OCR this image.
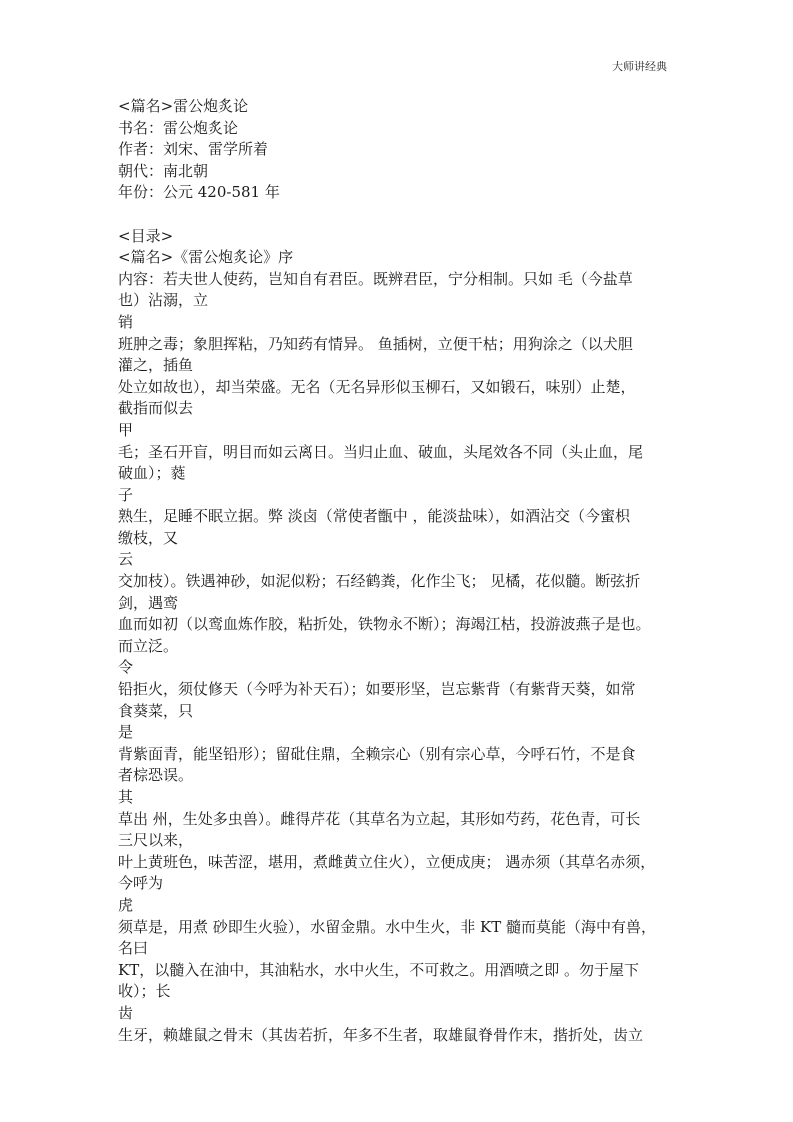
大师讲经典
<篇名>雷公炮炙论
书名：雷公炮炙论
作者：刘宋、雷学所着
朝代：南北朝
年份：公元 420-581 年
<目录>
<篇名>《雷公炮炙论》序
内容：若夫世人使药，岂知自有君臣。既辨君臣，宁分相制。只如 毛（今盐草
也）沾溺，立
销
班肿之毒；象胆挥粘，乃知药有情异。 鱼插树，立便干枯；用狗涂之（以犬胆
灌之，插鱼
处立如故也），却当荣盛。无名（无名异形似玉柳石，又如锻石，味别）止楚，
截指而似去
甲
毛；圣石开盲，明目而如云离日。当归止血、破血，头尾效各不同（头止血，尾
破血）；蕤
子
熟生，足睡不眠立据。弊 淡卤（常使者甑中 ，能淡盐味），如酒沾交（今蜜枳
缴枝，又
云
交加枝）。铁遇神砂，如泥似粉；石经鹤粪，化作尘飞； 见橘，花似髓。断弦折
剑，遇鸾
血而如初（以鸾血炼作胶，粘折处，铁物永不断）；海竭江枯，投游波燕子是也。
而立泛。
令
铅拒火，须仗修天（今呼为补天石）；如要形坚，岂忘紫背（有紫背天葵，如常
食葵菜，只
是
背紫面青，能坚铅形）；留砒住鼎，全赖宗心（别有宗心草，今呼石竹，不是食
者棕恐误。
其
草出 州，生处多虫兽）。雌得芹花（其草名为立起，其形如芍药，花色青，可长
三尺以来，
叶上黄班色，味苦涩，堪用，煮雌黄立住火），立便成庚； 遇赤须（其草名赤须，
今呼为
虎
须草是，用煮 砂即生火验），水留金鼎。水中生火，非 KT 髓而莫能（海中有兽，
名曰
KT，以髓入在油中，其油粘水，水中火生，不可救之。用酒喷之即 。勿于屋下
收）；长
齿
生牙，赖雄鼠之骨末（其齿若折，年多不生者，取雄鼠脊骨作末，揩折处，齿立
